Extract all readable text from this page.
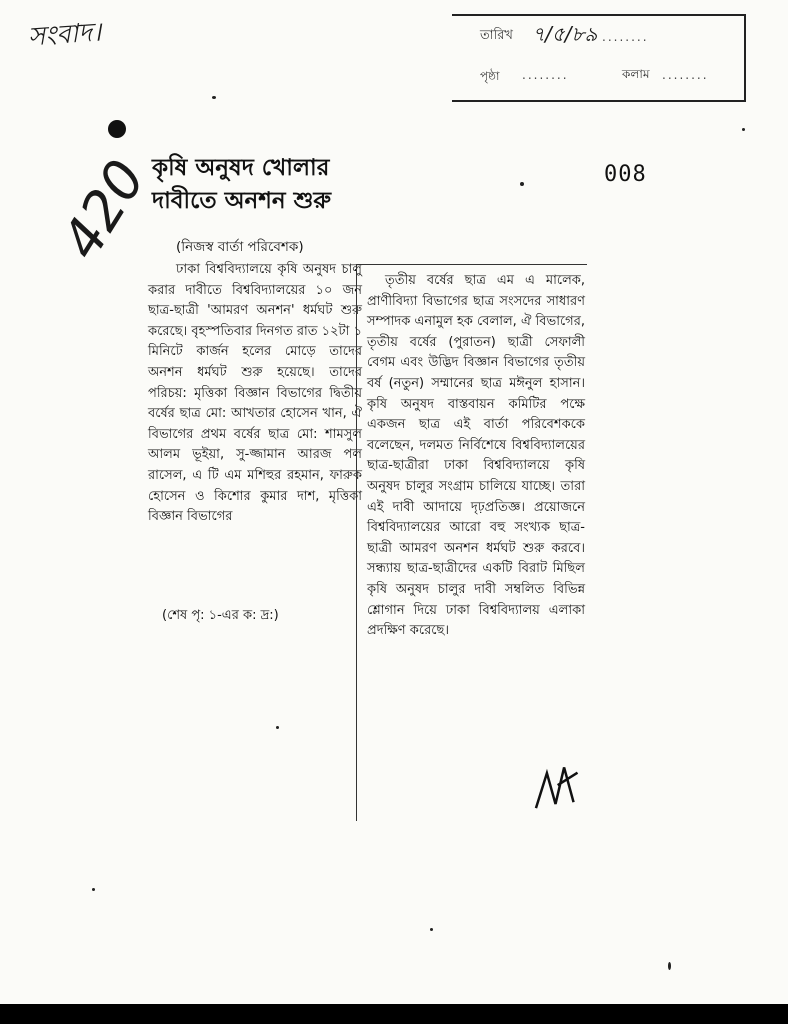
সংবাদ।	তারিখ ৭/৫/৮৯ ........
পৃষ্ঠা ........	কলাম ........
420	008
কৃষি অনুষদ খোলার দাবীতে অনশন শুরু
(নিজস্ব বার্তা পরিবেশক)
ঢাকা বিশ্ববিদ্যালয়ে কৃষি অনুষদ চালু করার দাবীতে বিশ্ববিদ্যালয়ের ১০ জন ছাত্র-ছাত্রী 'আমরণ অনশন' ধর্মঘট শুরু করেছে। বৃহস্পতিবার দিনগত রাত ১২টা ১ মিনিটে কার্জন হলের মোড়ে তাদের অনশন ধর্মঘট শুরু হয়েছে। তাদের পরিচয়: মৃত্তিকা বিজ্ঞান বিভাগের দ্বিতীয় বর্ষের ছাত্র মো: আখতার হোসেন খান, ঐ বিভাগের প্রথম বর্ষের ছাত্র মো: শামসুল আলম ভূইয়া, সু-জ্জামান আরজ পল রাসেল, এ টি এম মশিহুর রহমান, ফারুক হোসেন ও কিশোর কুমার দাশ, মৃত্তিকা বিজ্ঞান বিভাগের
(শেষ পৃ: ১-এর ক: দ্র:)
তৃতীয় বর্ষের ছাত্র এম এ মালেক, প্রাণীবিদ্যা বিভাগের ছাত্র সংসদের সাধারণ সম্পাদক এনামুল হক বেলাল, ঐ বিভাগের, তৃতীয় বর্ষের (পুরাতন) ছাত্রী সেফালী বেগম এবং উদ্ভিদ বিজ্ঞান বিভাগের তৃতীয় বর্ষ (নতুন) সম্মানের ছাত্র মঈনুল হাসান। কৃষি অনুষদ বাস্তবায়ন কমিটির পক্ষে একজন ছাত্র এই বার্তা পরিবেশককে বলেছেন, দলমত নির্বিশেষে বিশ্ববিদ্যালয়ের ছাত্র-ছাত্রীরা ঢাকা বিশ্ববিদ্যালয়ে কৃষি অনুষদ চালুর সংগ্রাম চালিয়ে যাচ্ছে। তারা এই দাবী আদায়ে দৃঢ়প্রতিজ্ঞ। প্রয়োজনে বিশ্ববিদ্যালয়ের আরো বহু সংখ্যক ছাত্র-ছাত্রী আমরণ অনশন ধর্মঘট শুরু করবে। সন্ধ্যায় ছাত্র-ছাত্রীদের একটি বিরাট মিছিল কৃষি অনুষদ চালুর দাবী সম্বলিত বিভিন্ন শ্লোগান দিয়ে ঢাকা বিশ্ববিদ্যালয় এলাকা প্রদক্ষিণ করেছে।
